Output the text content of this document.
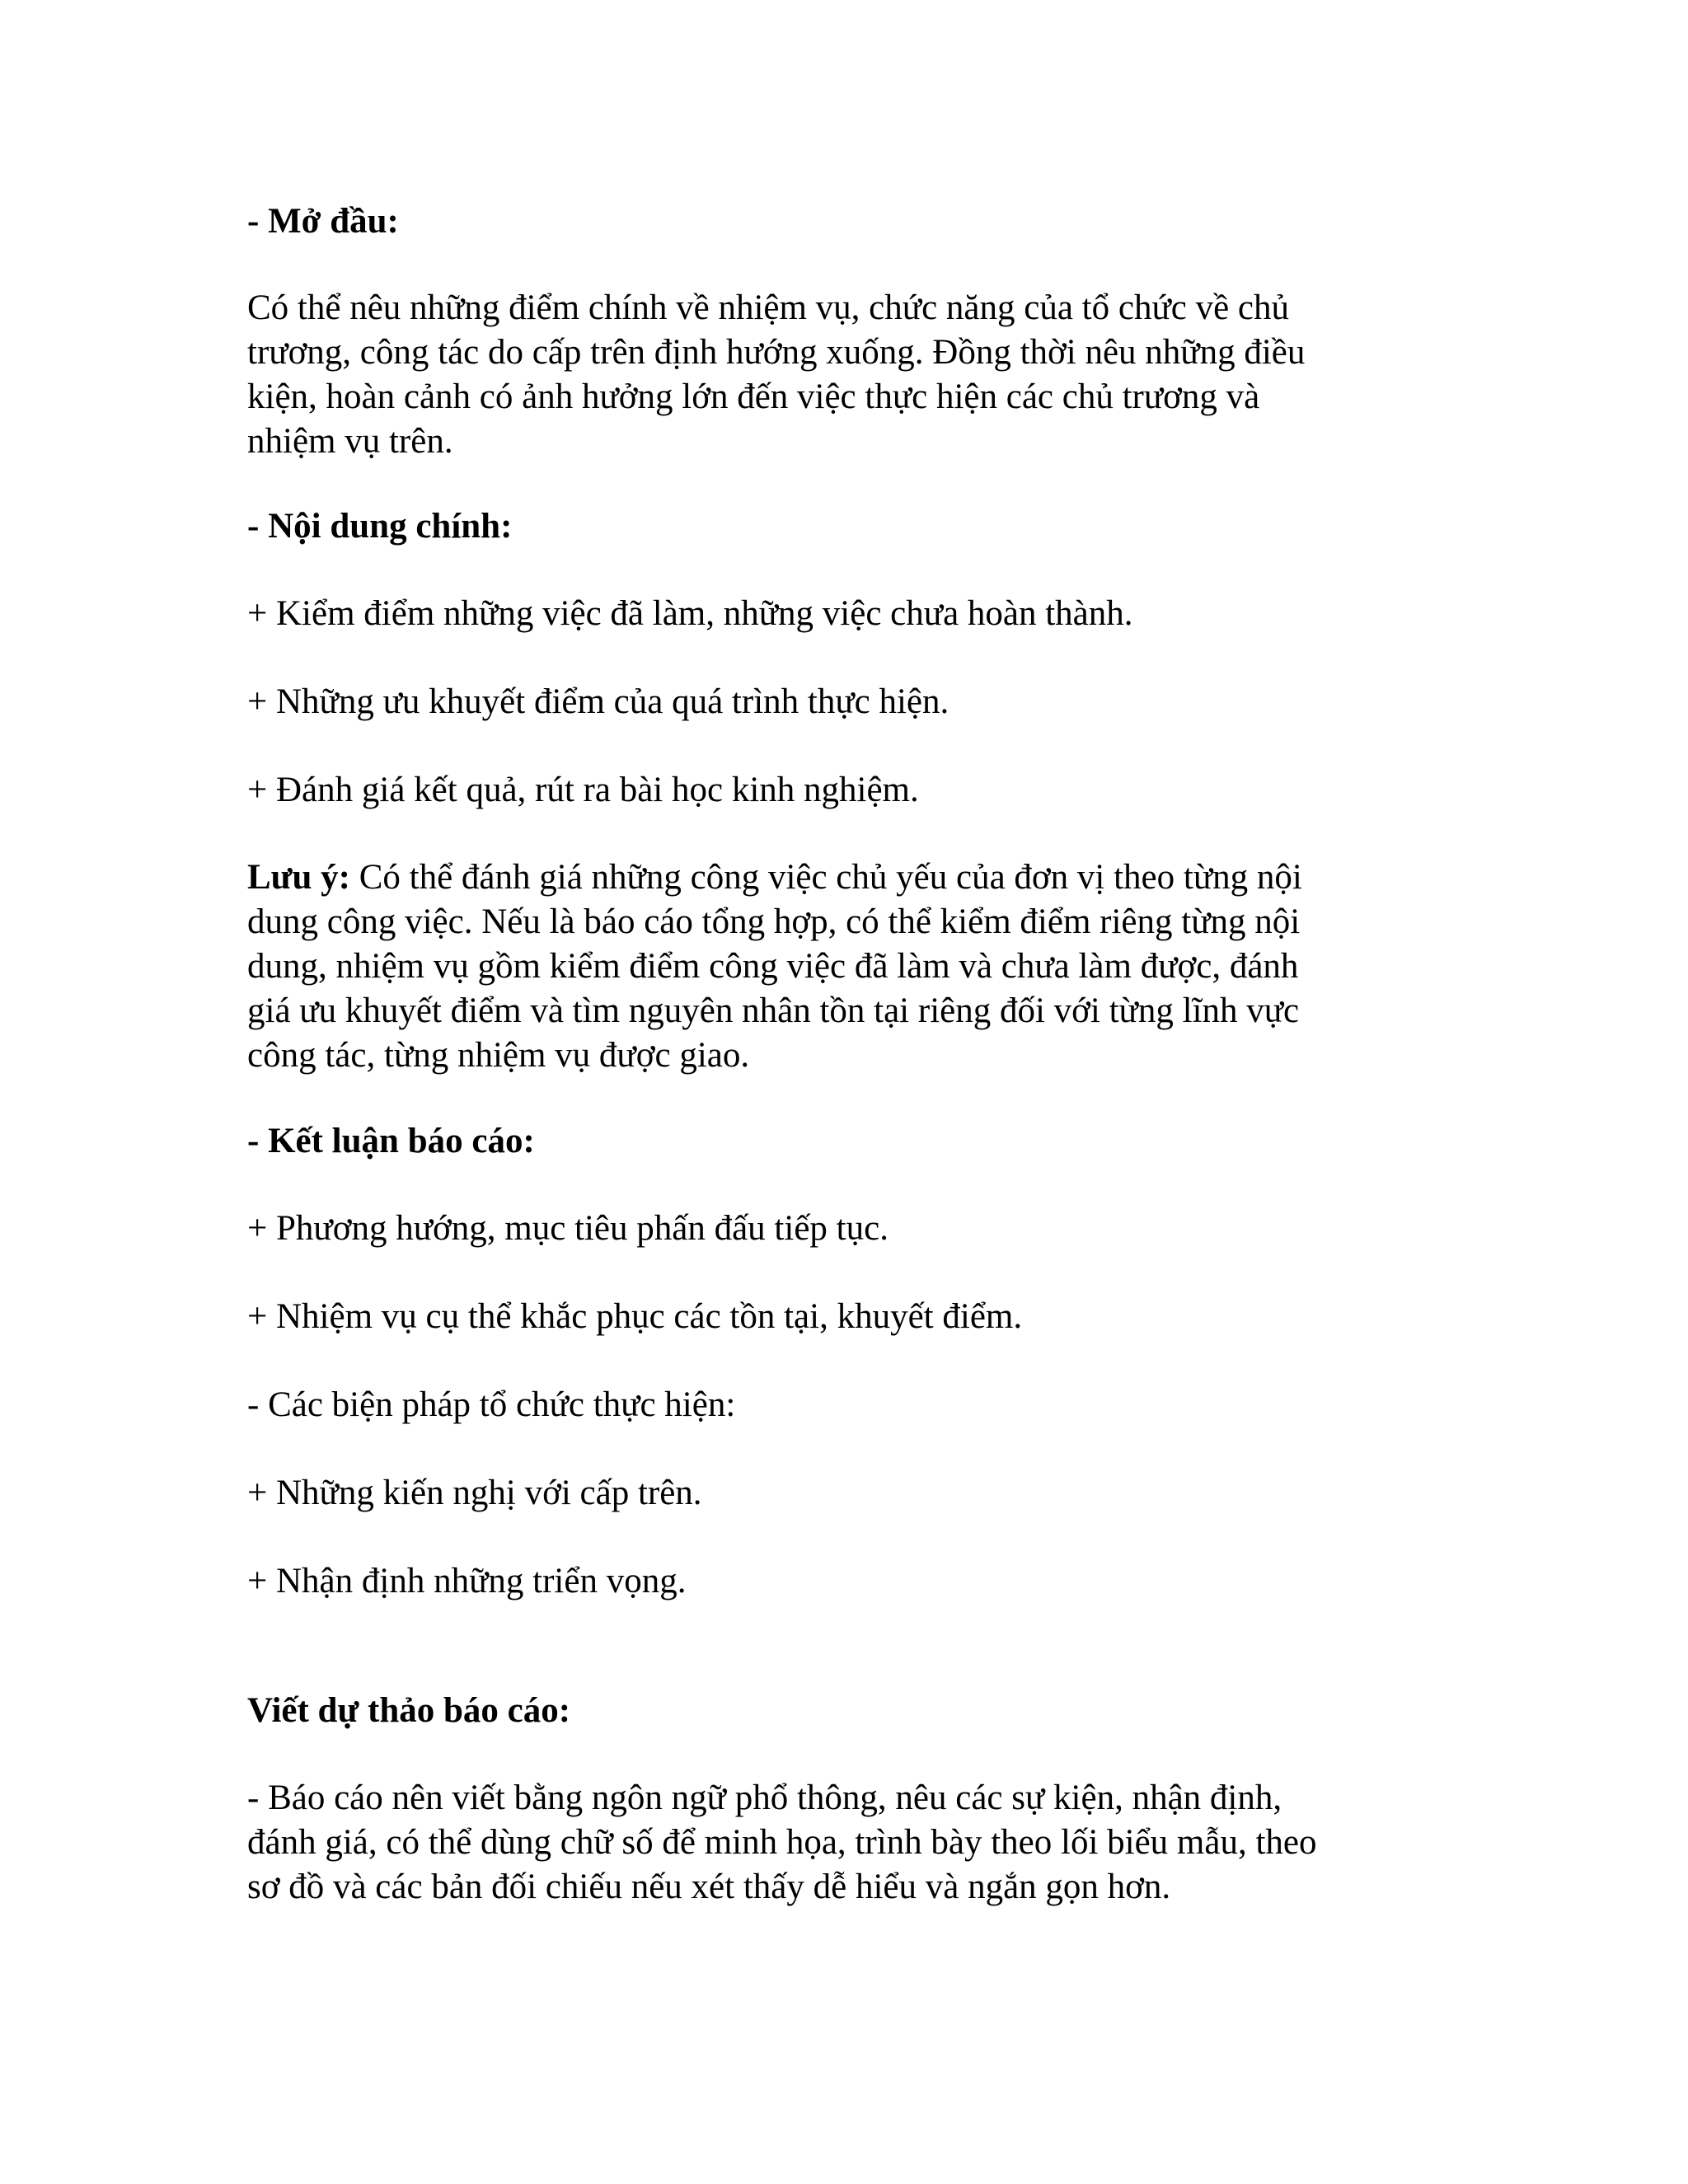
- Mở đầu:

Có thể nêu những điểm chính về nhiệm vụ, chức năng của tổ chức về chủ

trương, công tác do cấp trên định hướng xuống. Đồng thời nêu những điều

kiện, hoàn cảnh có ảnh hưởng lớn đến việc thực hiện các chủ trương và

nhiệm vụ trên.

- Nội dung chính:

+ Kiểm điểm những việc đã làm, những việc chưa hoàn thành.

+ Những ưu khuyết điểm của quá trình thực hiện.

+ Đánh giá kết quả, rút ra bài học kinh nghiệm.

Lưu ý: Có thể đánh giá những công việc chủ yếu của đơn vị theo từng nội

dung công việc. Nếu là báo cáo tổng hợp, có thể kiểm điểm riêng từng nội

dung, nhiệm vụ gồm kiểm điểm công việc đã làm và chưa làm được, đánh

giá ưu khuyết điểm và tìm nguyên nhân tồn tại riêng đối với từng lĩnh vực

công tác, từng nhiệm vụ được giao.

- Kết luận báo cáo:

+ Phương hướng, mục tiêu phấn đấu tiếp tục.

+ Nhiệm vụ cụ thể khắc phục các tồn tại, khuyết điểm.

- Các biện pháp tổ chức thực hiện:

+ Những kiến nghị với cấp trên.

+ Nhận định những triển vọng.

Viết dự thảo báo cáo:

- Báo cáo nên viết bằng ngôn ngữ phổ thông, nêu các sự kiện, nhận định,

đánh giá, có thể dùng chữ số để minh họa, trình bày theo lối biểu mẫu, theo

sơ đồ và các bản đối chiếu nếu xét thấy dễ hiểu và ngắn gọn hơn.
